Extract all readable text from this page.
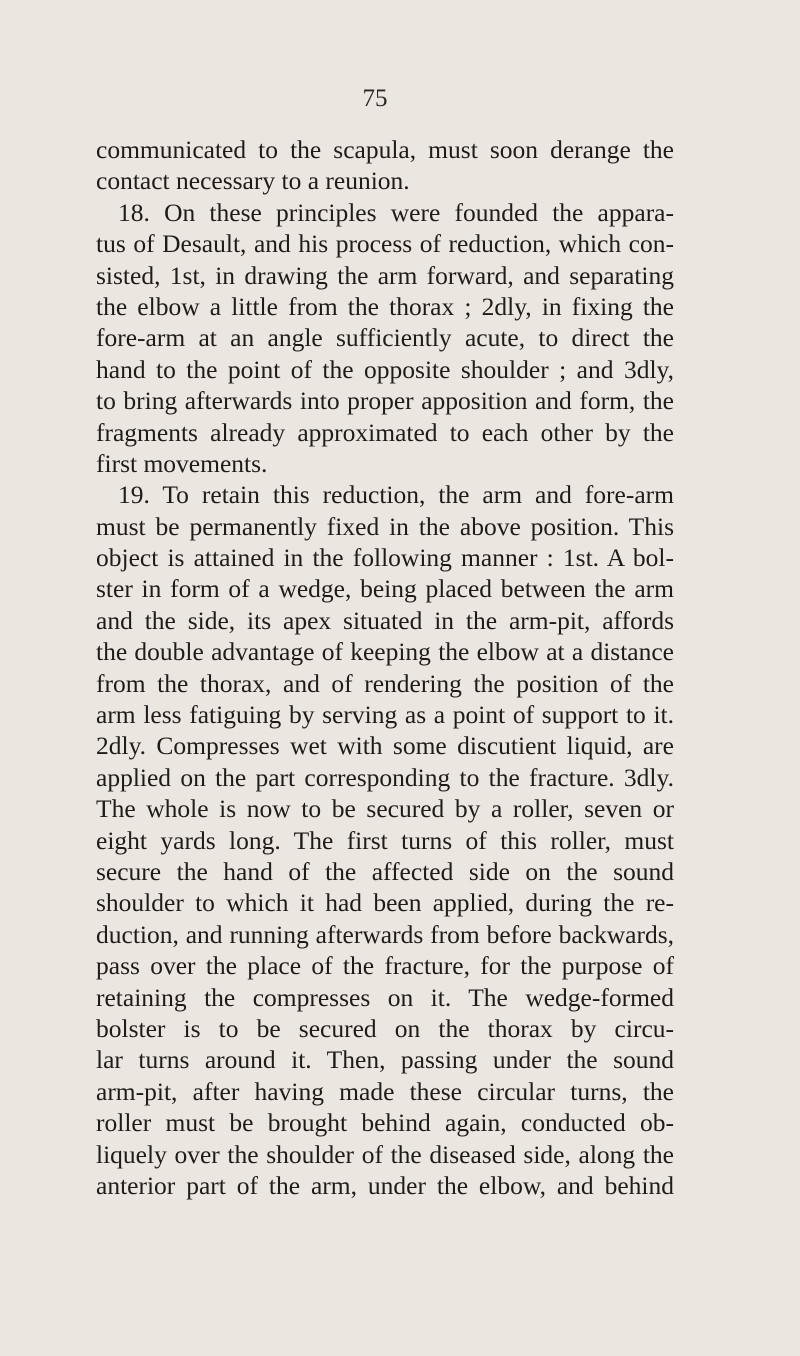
75
communicated to the scapula, must soon derange the
contact necessary to a reunion.
18. On these principles were founded the appara-
tus of Desault, and his process of reduction, which con-
sisted, 1st, in drawing the arm forward, and separating
the elbow a little from the thorax ; 2dly, in fixing the
fore-arm at an angle sufficiently acute, to direct the
hand to the point of the opposite shoulder ; and 3dly,
to bring afterwards into proper apposition and form, the
fragments already approximated to each other by the
first movements.
19. To retain this reduction, the arm and fore-arm
must be permanently fixed in the above position. This
object is attained in the following manner : 1st. A bol-
ster in form of a wedge, being placed between the arm
and the side, its apex situated in the arm-pit, affords
the double advantage of keeping the elbow at a distance
from the thorax, and of rendering the position of the
arm less fatiguing by serving as a point of support to it.
2dly. Compresses wet with some discutient liquid, are
applied on the part corresponding to the fracture. 3dly.
The whole is now to be secured by a roller, seven or
eight yards long. The first turns of this roller, must
secure the hand of the affected side on the sound
shoulder to which it had been applied, during the re-
duction, and running afterwards from before backwards,
pass over the place of the fracture, for the purpose of
retaining the compresses on it. The wedge-formed
bolster is to be secured on the thorax by circu-
lar turns around it. Then, passing under the sound
arm-pit, after having made these circular turns, the
roller must be brought behind again, conducted ob-
liquely over the shoulder of the diseased side, along the
anterior part of the arm, under the elbow, and behind
